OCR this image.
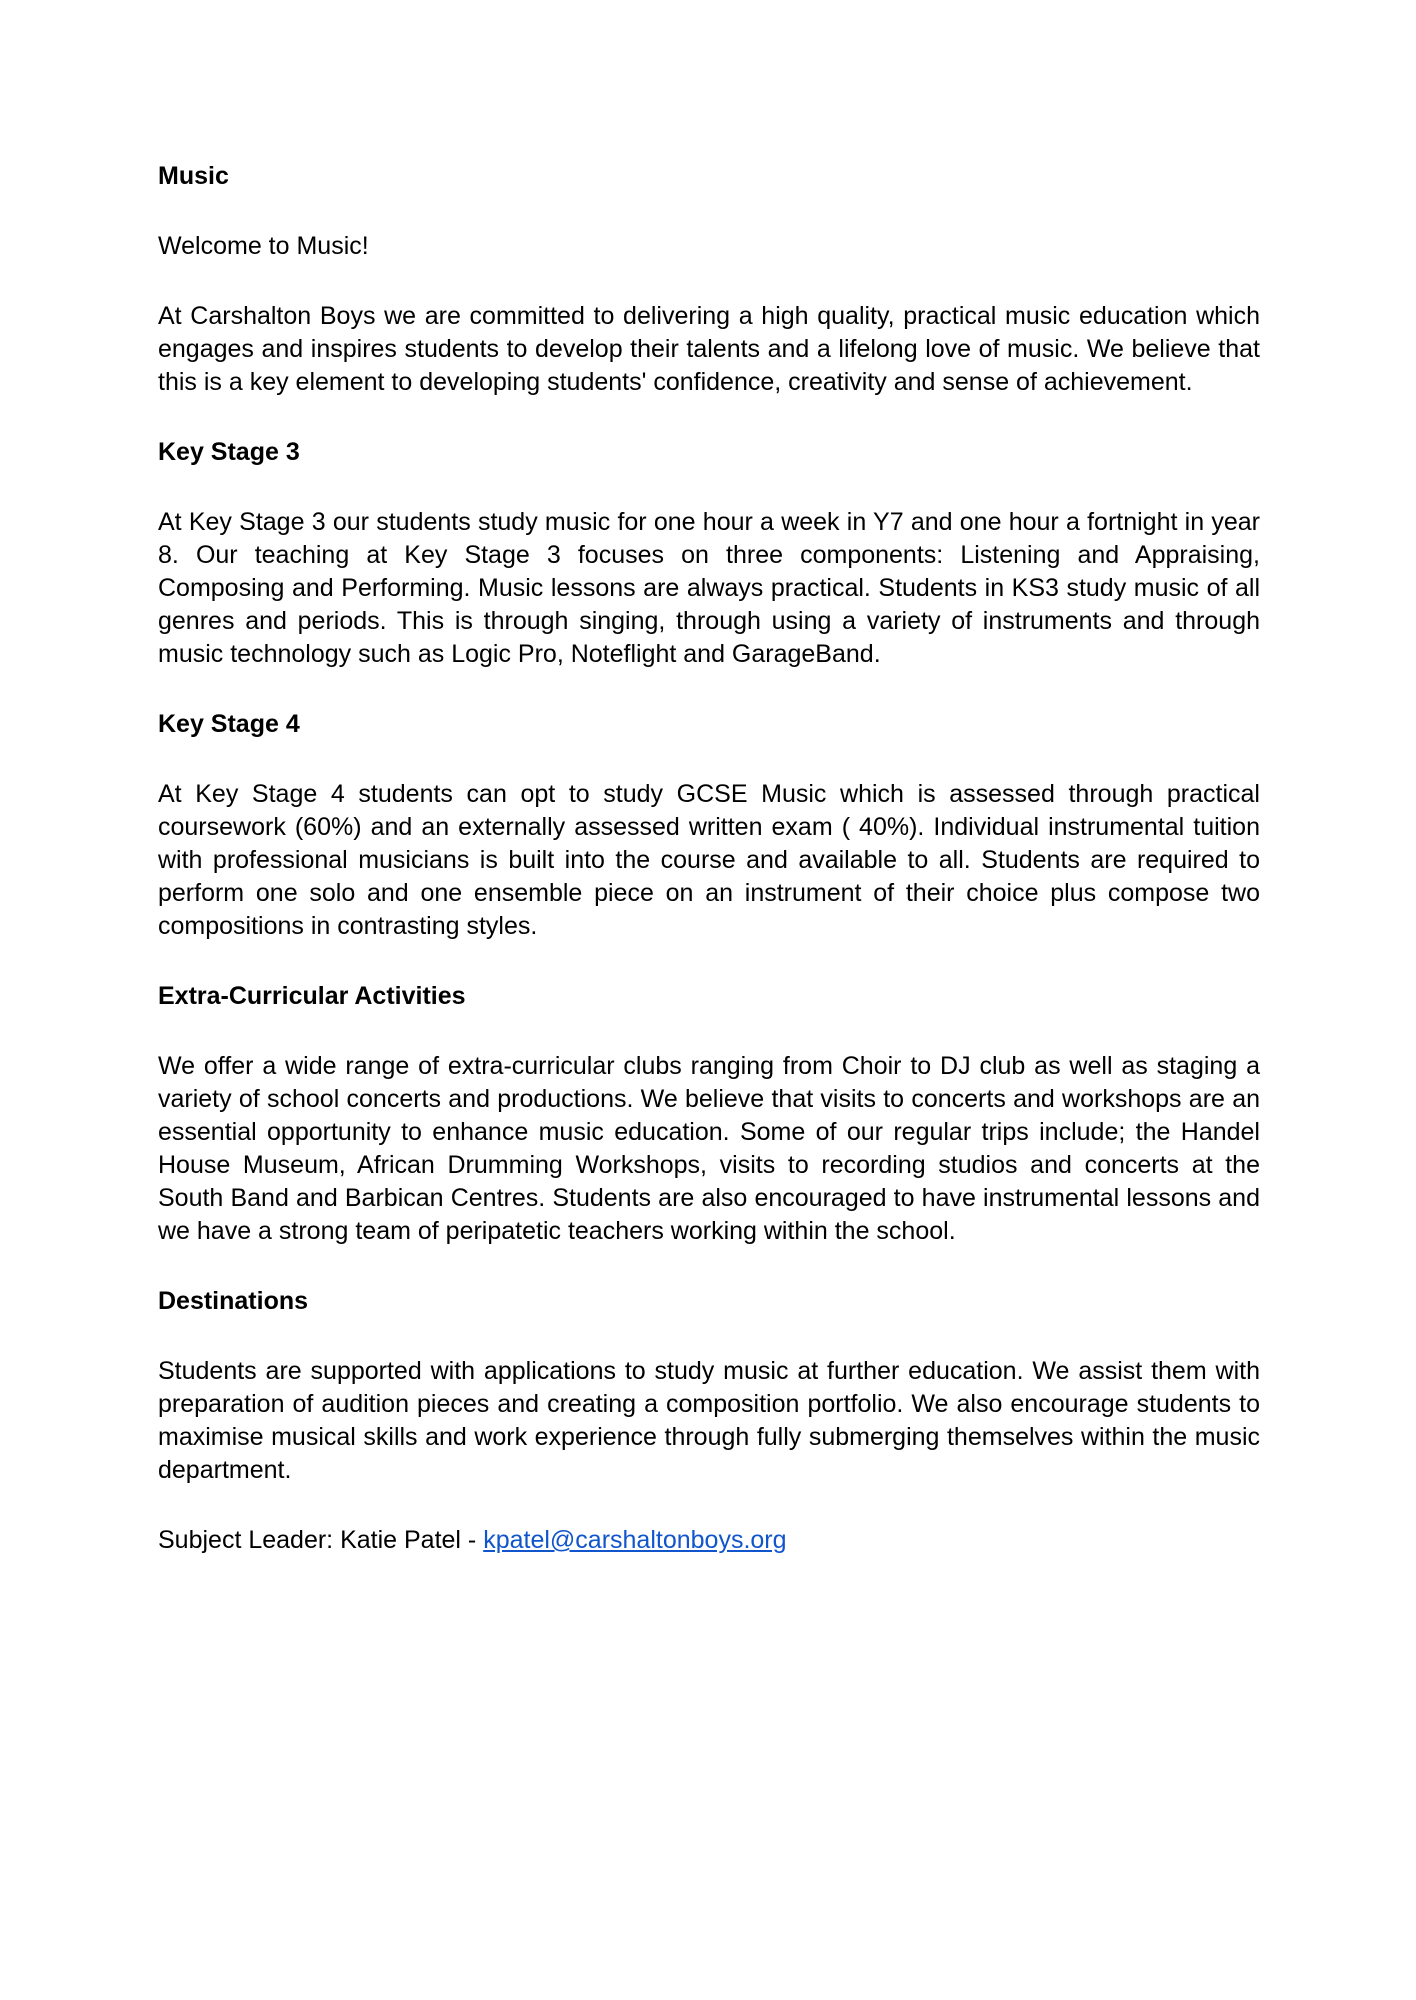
Music
Welcome to Music!

At Carshalton Boys we are committed to delivering a high quality, practical music education which engages and inspires students to develop their talents and a lifelong love of music. We believe that this is a key element to developing students' confidence, creativity and sense of achievement.

Key Stage 3

At Key Stage 3 our students study music for one hour a week in Y7 and one hour a fortnight in year 8. Our teaching at Key Stage 3 focuses on three components: Listening and Appraising, Composing and Performing. Music lessons are always practical. Students in KS3 study music of all genres and periods. This is through singing, through using a variety of instruments and through music technology such as Logic Pro, Noteflight and GarageBand.

Key Stage 4

At Key Stage 4 students can opt to study GCSE Music which is assessed through practical coursework (60%) and an externally assessed written exam ( 40%). Individual instrumental tuition with professional musicians is built into the course and available to all. Students are required to perform one solo and one ensemble piece on an instrument of their choice plus compose two compositions in contrasting styles.

Extra-Curricular Activities

We offer a wide range of extra-curricular clubs ranging from Choir to DJ club as well as staging a variety of school concerts and productions. We believe that visits to concerts and workshops are an essential opportunity to enhance music education. Some of our regular trips include; the Handel House Museum, African Drumming Workshops, visits to recording studios and concerts at the South Band and Barbican Centres. Students are also encouraged to have instrumental lessons and we have a strong team of peripatetic teachers working within the school.

Destinations

Students are supported with applications to study music at further education. We assist them with preparation of audition pieces and creating a composition portfolio. We also encourage students to maximise musical skills and work experience through fully submerging themselves within the music department.

Subject Leader: Katie Patel - kpatel@carshaltonboys.org
